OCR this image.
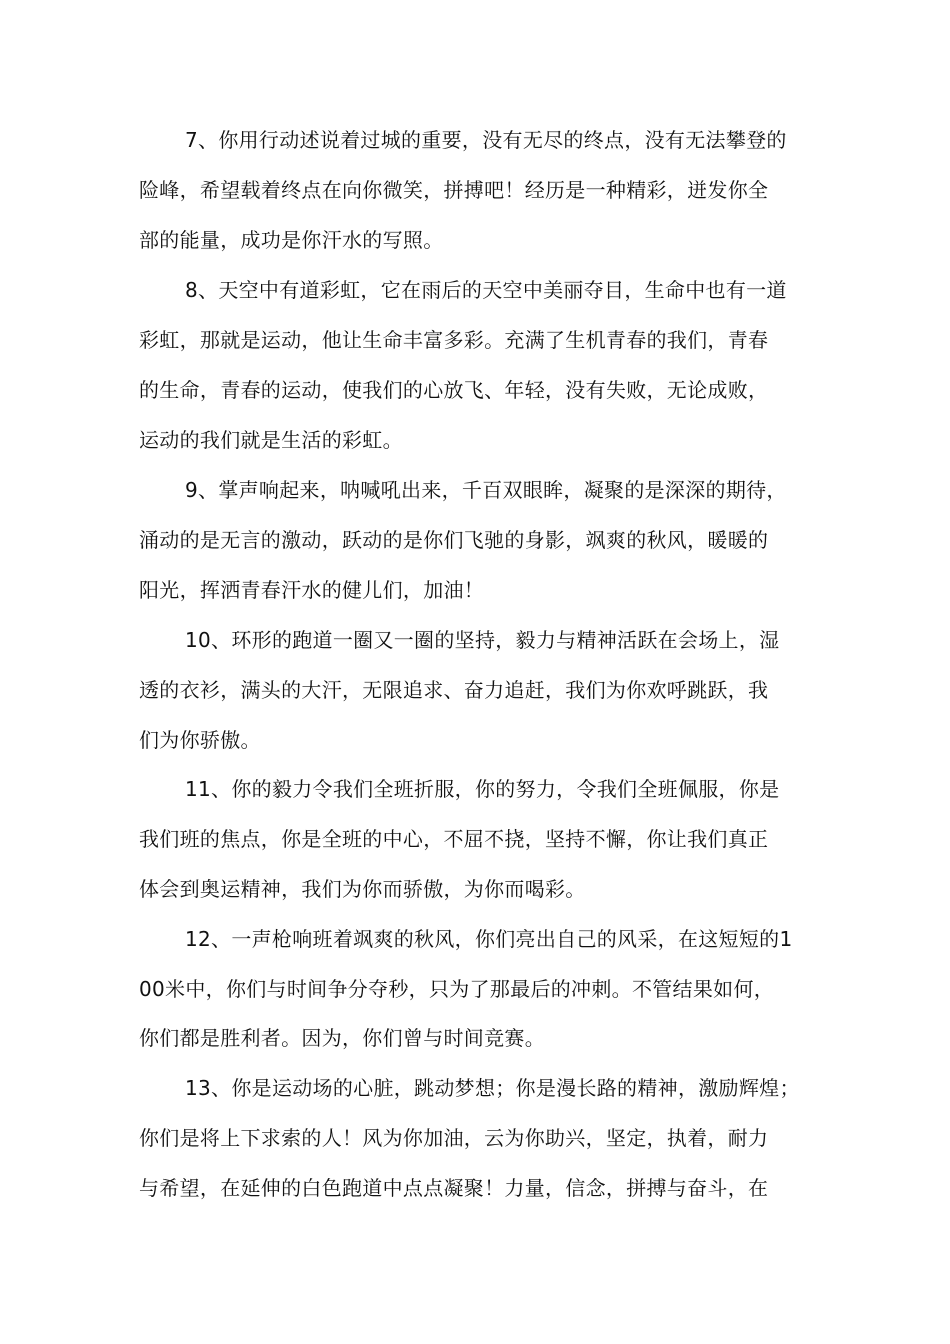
7、你用行动述说着过城的重要，没有无尽的终点，没有无法攀登的

险峰，希望载着终点在向你微笑，拼搏吧！经历是一种精彩，迸发你全

部的能量，成功是你汗水的写照。

8、天空中有道彩虹，它在雨后的天空中美丽夺目，生命中也有一道

彩虹，那就是运动，他让生命丰富多彩。充满了生机青春的我们，青春

的生命，青春的运动，使我们的心放飞、年轻，没有失败，无论成败，

运动的我们就是生活的彩虹。

9、掌声响起来，呐喊吼出来，千百双眼眸，凝聚的是深深的期待，

涌动的是无言的激动，跃动的是你们飞驰的身影，飒爽的秋风，暖暖的

阳光，挥洒青春汗水的健儿们，加油！

10、环形的跑道一圈又一圈的坚持，毅力与精神活跃在会场上，湿

透的衣衫，满头的大汗，无限追求、奋力追赶，我们为你欢呼跳跃，我

们为你骄傲。

11、你的毅力令我们全班折服，你的努力，令我们全班佩服，你是

我们班的焦点，你是全班的中心，不屈不挠，坚持不懈，你让我们真正

体会到奥运精神，我们为你而骄傲，为你而喝彩。

12、一声枪响班着飒爽的秋风，你们亮出自己的风采，在这短短的1

00米中，你们与时间争分夺秒，只为了那最后的冲刺。不管结果如何，

你们都是胜利者。因为，你们曾与时间竞赛。

13、你是运动场的心脏，跳动梦想；你是漫长路的精神，激励辉煌；

你们是将上下求索的人！风为你加油，云为你助兴，坚定，执着，耐力

与希望，在延伸的白色跑道中点点凝聚！力量，信念，拼搏与奋斗，在
